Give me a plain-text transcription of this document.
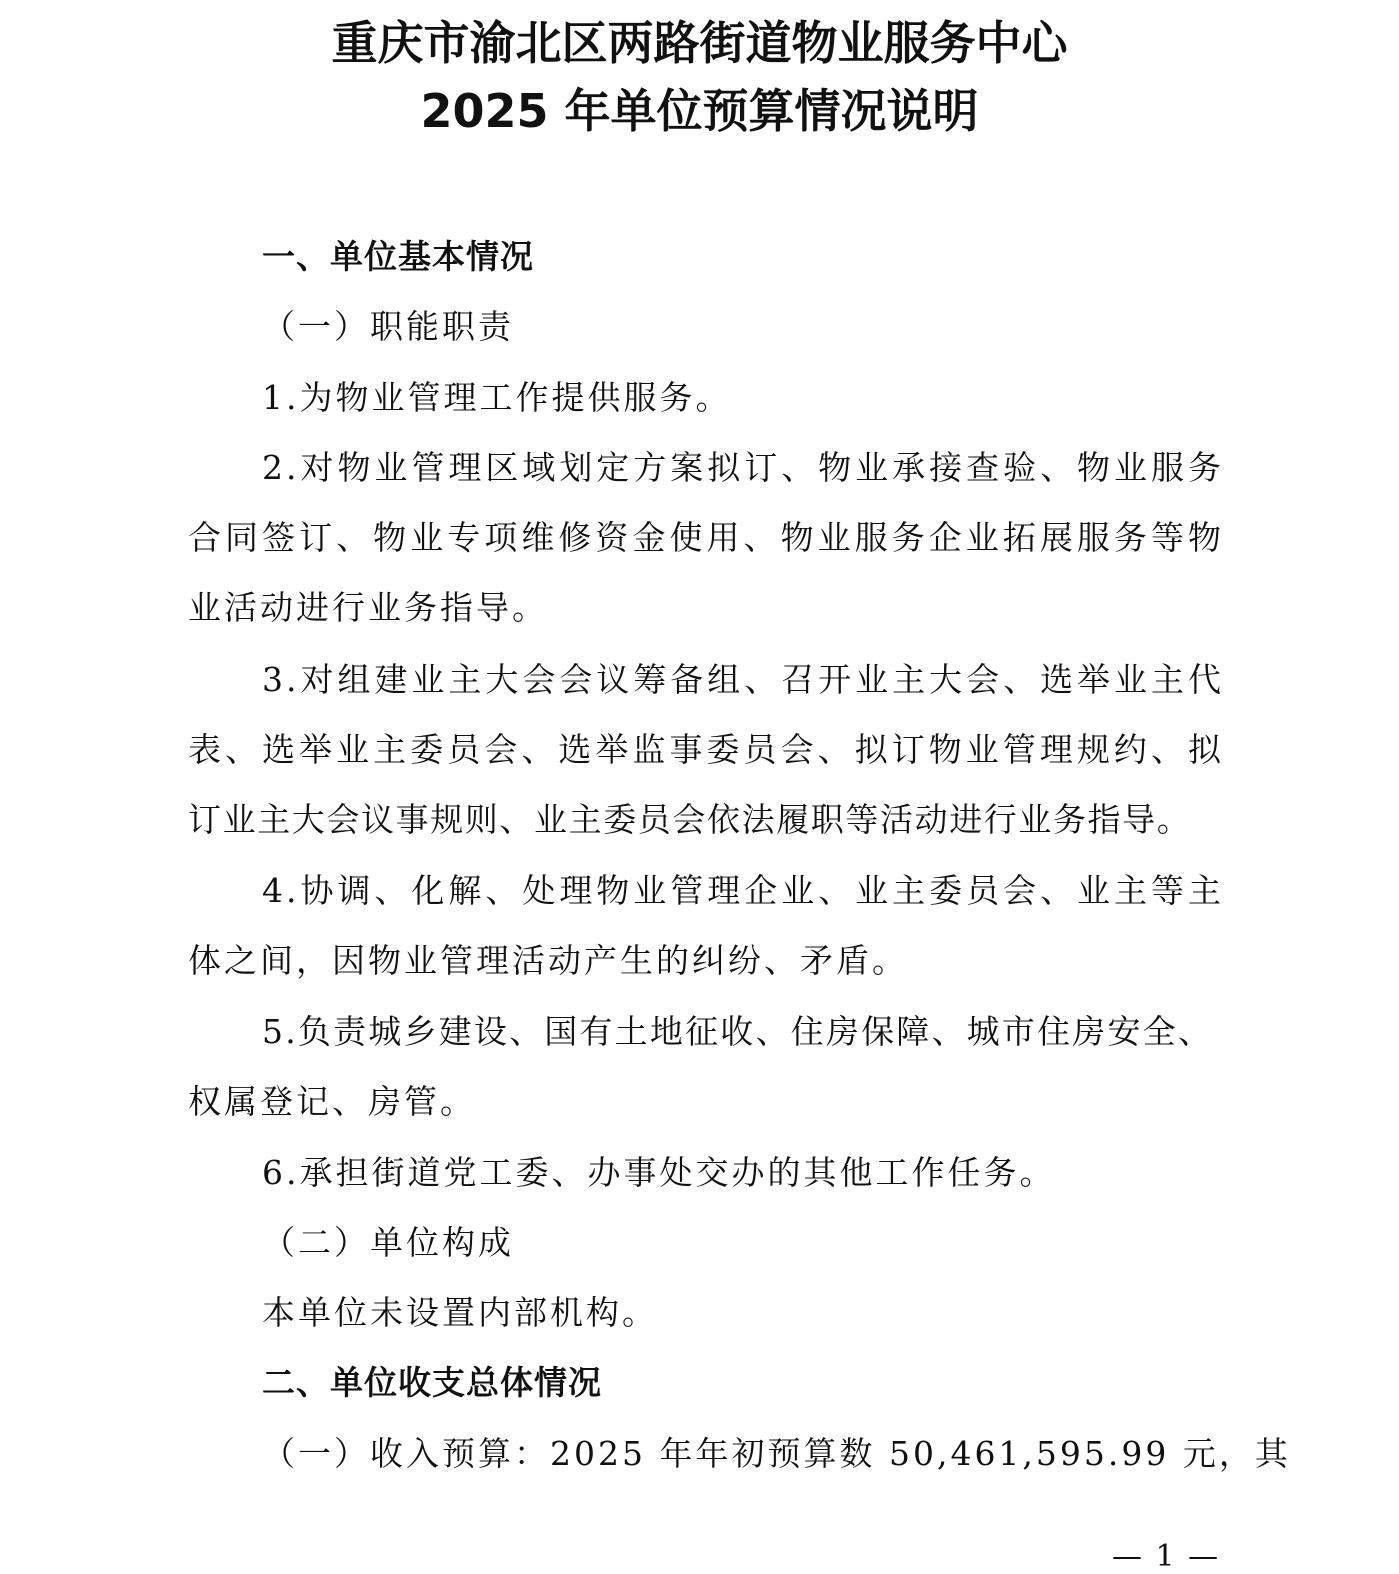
重庆市渝北区两路街道物业服务中心
2025 年单位预算情况说明
一、单位基本情况
（一）职能职责
1.为物业管理工作提供服务。
2.对物业管理区域划定方案拟订、物业承接查验、物业服务
合同签订、物业专项维修资金使用、物业服务企业拓展服务等物
业活动进行业务指导。
3.对组建业主大会会议筹备组、召开业主大会、选举业主代
表、选举业主委员会、选举监事委员会、拟订物业管理规约、拟
订业主大会议事规则、业主委员会依法履职等活动进行业务指导。
4.协调、化解、处理物业管理企业、业主委员会、业主等主
体之间，因物业管理活动产生的纠纷、矛盾。
5.负责城乡建设、国有土地征收、住房保障、城市住房安全、
权属登记、房管。
6.承担街道党工委、办事处交办的其他工作任务。
（二）单位构成
本单位未设置内部机构。
二、单位收支总体情况
（一）收入预算：2025 年年初预算数 50,461,595.99 元，其
— 1 —
